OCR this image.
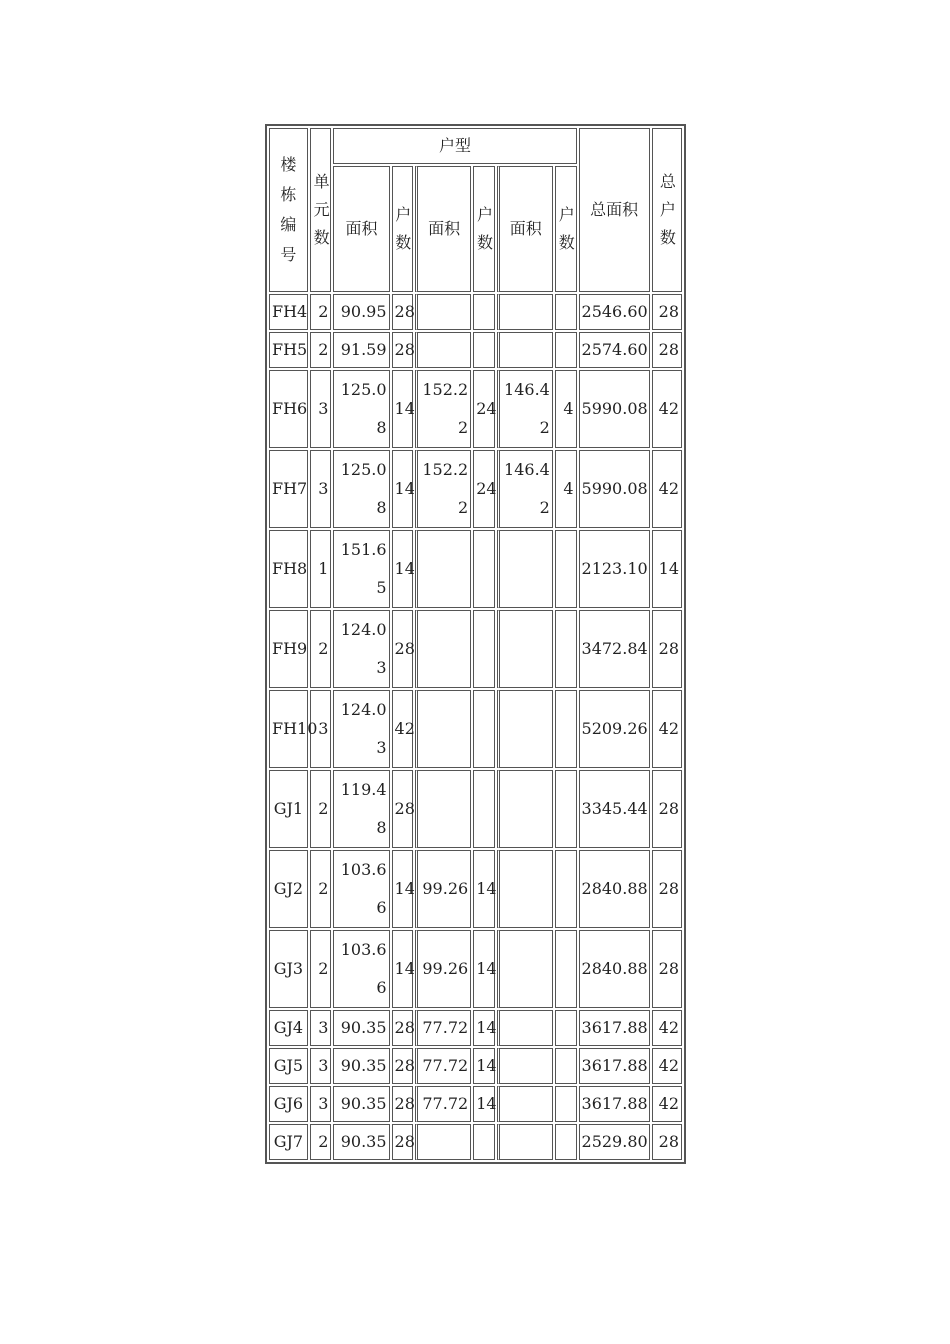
楼栋编号	单元数	户型						总面积	总户数

		面积	户数	面积	户数	面积	户数		

FH4	2	90.95	28					2546.60	28
FH5	2	91.59	28					2574.60	28
FH6	3	125.08	14	152.22	24	146.42	4	5990.08	42
FH7	3	125.08	14	152.22	24	146.42	4	5990.08	42
FH8	1	151.65	14					2123.10	14
FH9	2	124.03	28					3472.84	28
FH10	3	124.03	42					5209.26	42
GJ1	2	119.48	28					3345.44	28
GJ2	2	103.66	14	99.26	14			2840.88	28
GJ3	2	103.66	14	99.26	14			2840.88	28
GJ4	3	90.35	28	77.72	14			3617.88	42
GJ5	3	90.35	28	77.72	14			3617.88	42
GJ6	3	90.35	28	77.72	14			3617.88	42
GJ7	2	90.35	28					2529.80	28
